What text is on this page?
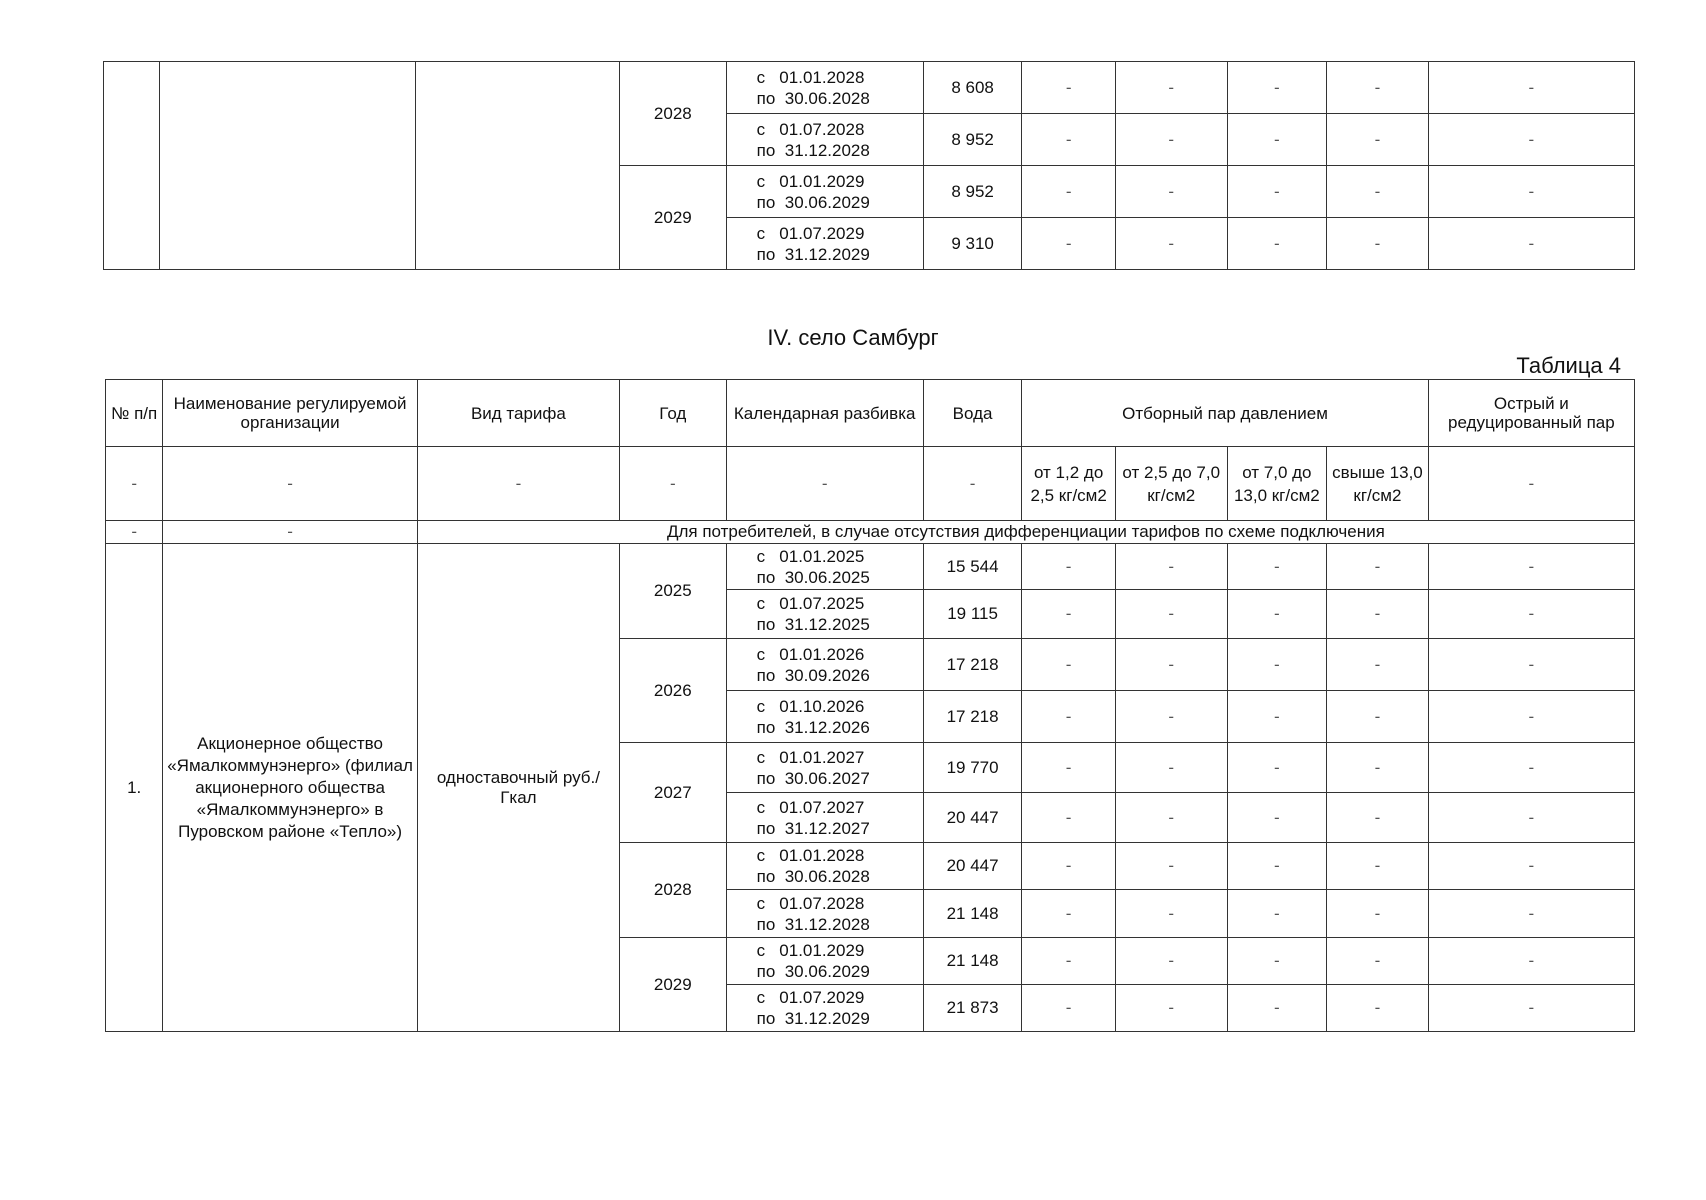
			2028	с   01.01.2028
по  30.06.2028	8 608	-	-	-	-	-

				с   01.07.2028
по  31.12.2028	8 952	-	-	-	-	-
			2029	с   01.01.2029
по  30.06.2029	8 952	-	-	-	-	-

				с   01.07.2029
по  31.12.2029	9 310	-	-	-	-	-
IV. село Самбург
Таблица 4
№ п/п	Наименование регулируемой организации	Вид тарифа	Год	Календарная разбивка	Вода	Отборный пар давлением				Острый и редуцированный пар
-	-	-	-	-	-	от 1,2 до 2,5 кг/см2	от 2,5 до 7,0 кг/см2	от 7,0 до 13,0 кг/см2	свыше 13,0 кг/см2	-
-	-	Для потребителей, в случае отсутствия дифференциации тарифов по схеме подключения								
1.	Акционерное общество «Ямалкоммунэнерго» (филиал акционерного общества «Ямалкоммунэнерго» в Пуровском районе «Тепло»)	одноставочный руб./Гкал	2025	с   01.01.2025
по  30.06.2025	15 544	-	-	-	-	-

				с   01.07.2025
по  31.12.2025	19 115	-	-	-	-	-
			2026	с   01.01.2026
по  30.09.2026	17 218	-	-	-	-	-

				с   01.10.2026
по  31.12.2026	17 218	-	-	-	-	-
			2027	с   01.01.2027
по  30.06.2027	19 770	-	-	-	-	-

				с   01.07.2027
по  31.12.2027	20 447	-	-	-	-	-
			2028	с   01.01.2028
по  30.06.2028	20 447	-	-	-	-	-

				с   01.07.2028
по  31.12.2028	21 148	-	-	-	-	-
			2029	с   01.01.2029
по  30.06.2029	21 148	-	-	-	-	-

				с   01.07.2029
по  31.12.2029	21 873	-	-	-	-	-
